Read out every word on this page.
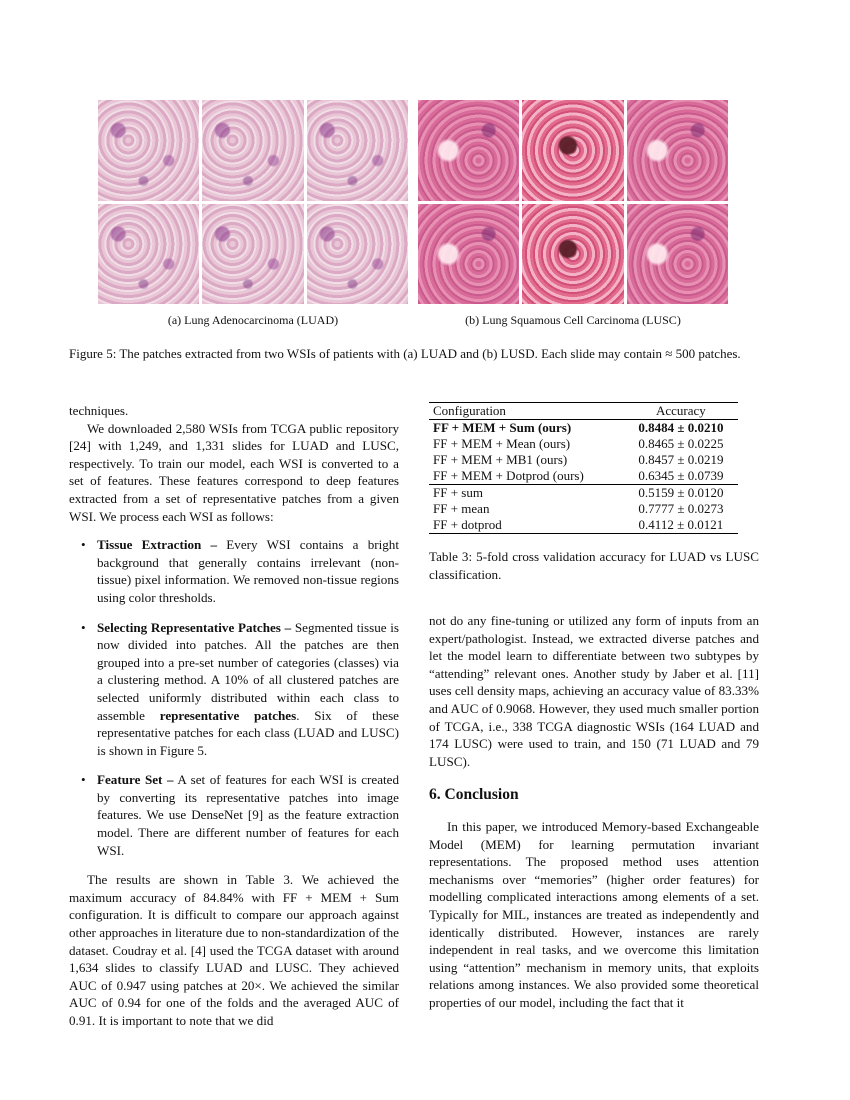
(a) Lung Adenocarcinoma (LUAD)	(b) Lung Squamous Cell Carcinoma (LUSC)
Figure 5: The patches extracted from two WSIs of patients with (a) LUAD and (b) LUSD. Each slide may contain ≈ 500 patches.

techniques.

We downloaded 2,580 WSIs from TCGA public repository [24] with 1,249, and 1,331 slides for LUAD and LUSC, respectively. To train our model, each WSI is converted to a set of features. These features correspond to deep features extracted from a set of representative patches from a given WSI. We process each WSI as follows:

• Tissue Extraction – Every WSI contains a bright background that generally contains irrelevant (non-tissue) pixel information. We removed non-tissue regions using color thresholds.
• Selecting Representative Patches – Segmented tissue is now divided into patches. All the patches are then grouped into a pre-set number of categories (classes) via a clustering method. A 10% of all clustered patches are selected uniformly distributed within each class to assemble representative patches. Six of these representative patches for each class (LUAD and LUSC) is shown in Figure 5.
• Feature Set – A set of features for each WSI is created by converting its representative patches into image features. We use DenseNet [9] as the feature extraction model. There are different number of features for each WSI.

The results are shown in Table 3. We achieved the maximum accuracy of 84.84% with FF + MEM + Sum configuration. It is difficult to compare our approach against other approaches in literature due to non-standardization of the dataset. Coudray et al. [4] used the TCGA dataset with around 1,634 slides to classify LUAD and LUSC. They achieved AUC of 0.947 using patches at 20×. We achieved the similar AUC of 0.94 for one of the folds and the averaged AUC of 0.91. It is important to note that we did

Configuration	Accuracy
FF + MEM + Sum (ours)	0.8484 ± 0.0210
FF + MEM + Mean (ours)	0.8465 ± 0.0225
FF + MEM + MB1 (ours)	0.8457 ± 0.0219
FF + MEM + Dotprod (ours)	0.6345 ± 0.0739
FF + sum	0.5159 ± 0.0120
FF + mean	0.7777 ± 0.0273
FF + dotprod	0.4112 ± 0.0121
Table 3: 5-fold cross validation accuracy for LUAD vs LUSC classification.

not do any fine-tuning or utilized any form of inputs from an expert/pathologist. Instead, we extracted diverse patches and let the model learn to differentiate between two subtypes by “attending” relevant ones. Another study by Jaber et al. [11] uses cell density maps, achieving an accuracy value of 83.33% and AUC of 0.9068. However, they used much smaller portion of TCGA, i.e., 338 TCGA diagnostic WSIs (164 LUAD and 174 LUSC) were used to train, and 150 (71 LUAD and 79 LUSC).

6. Conclusion

In this paper, we introduced Memory-based Exchangeable Model (MEM) for learning permutation invariant representations. The proposed method uses attention mechanisms over “memories” (higher order features) for modelling complicated interactions among elements of a set. Typically for MIL, instances are treated as independently and identically distributed. However, instances are rarely independent in real tasks, and we overcome this limitation using “attention” mechanism in memory units, that exploits relations among instances. We also provided some theoretical properties of our model, including the fact that it
